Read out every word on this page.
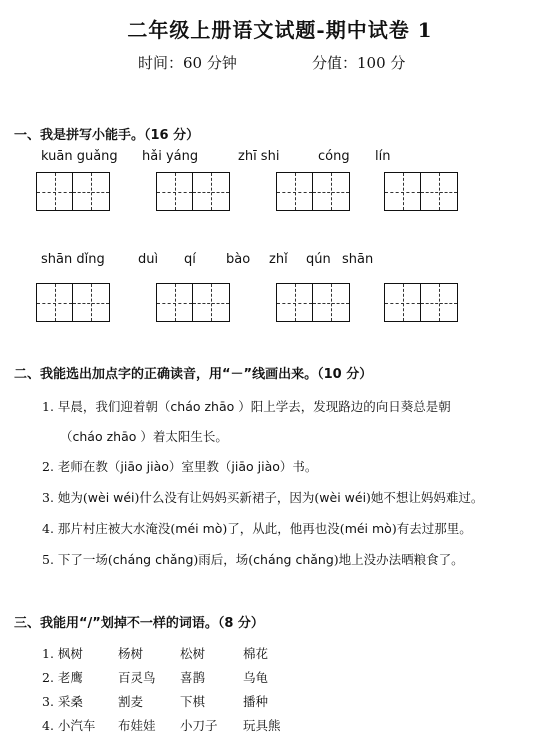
二年级上册语文试题-期中试卷 1
时间：60 分钟	分值：100 分
一、我是拼写小能手。（16 分）
kuān guǎng hǎi yáng	zhī shi	cóng lín
shān dǐng	duì qí bào zhǐ qún shān
二、我能选出加点字的正确读音，用“－”线画出来。（10 分）
1. 早晨，我们迎着朝（cháo zhāo ）阳上学去，发现路边的向日葵总是朝
（cháo zhāo ）着太阳生长。
2. 老师在教（jiāo jiào）室里教（jiāo jiào）书。
3. 她为(wèi wéi)什么没有让妈妈买新裙子，因为(wèi wéi)她不想让妈妈难过。
4. 那片村庄被大水淹没(méi mò)了，从此，他再也没(méi mò)有去过那里。
5. 下了一场(cháng chǎng)雨后，场(cháng chǎng)地上没办法晒粮食了。
三、我能用“/”划掉不一样的词语。（8 分）
1. 枫树	杨树	松树	棉花
2. 老鹰	百灵鸟 喜鹊	乌龟
3. 采桑	割麦	下棋	播种
4. 小汽车 布娃娃 小刀子 玩具熊
